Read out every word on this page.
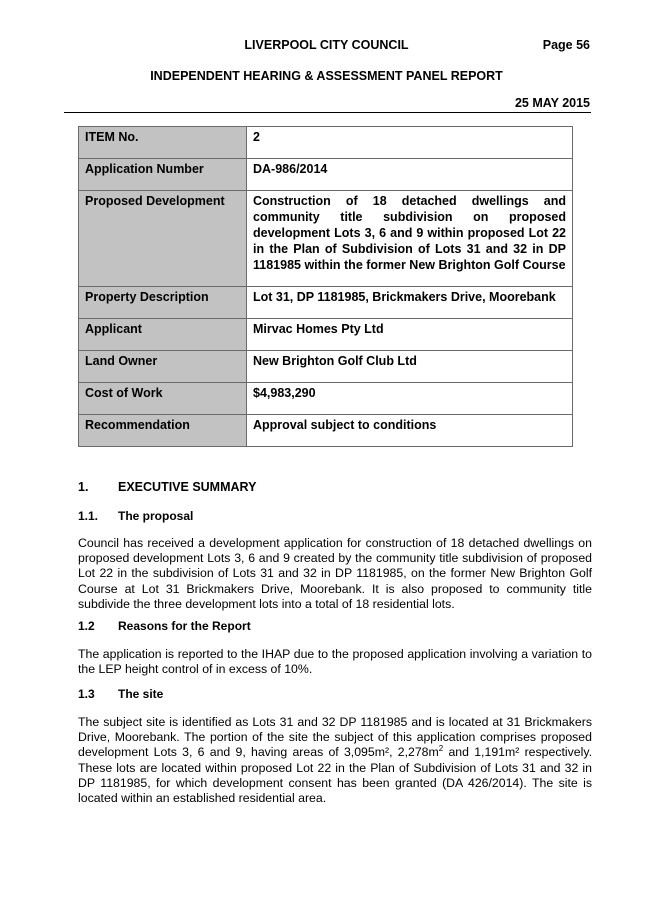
LIVERPOOL CITY COUNCIL	Page 56
INDEPENDENT HEARING & ASSESSMENT PANEL REPORT
25 MAY 2015
ITEM No.	2
Application Number	DA-986/2014
Proposed Development	Construction of 18 detached dwellings and community title subdivision on proposed development Lots 3, 6 and 9 within proposed Lot 22 in the Plan of Subdivision of Lots 31 and 32 in DP 1181985 within the former New Brighton Golf Course
Property Description	Lot 31, DP 1181985, Brickmakers Drive, Moorebank
Applicant	Mirvac Homes Pty Ltd
Land Owner	New Brighton Golf Club Ltd
Cost of Work	$4,983,290
Recommendation	Approval subject to conditions
1. EXECUTIVE SUMMARY
1.1. The proposal
Council has received a development application for construction of 18 detached dwellings on proposed development Lots 3, 6 and 9 created by the community title subdivision of proposed Lot 22 in the subdivision of Lots 31 and 32 in DP 1181985, on the former New Brighton Golf Course at Lot 31 Brickmakers Drive, Moorebank. It is also proposed to community title subdivide the three development lots into a total of 18 residential lots.
1.2 Reasons for the Report
The application is reported to the IHAP due to the proposed application involving a variation to the LEP height control of in excess of 10%.
1.3 The site
The subject site is identified as Lots 31 and 32 DP 1181985 and is located at 31 Brickmakers Drive, Moorebank. The portion of the site the subject of this application comprises proposed development Lots 3, 6 and 9, having areas of 3,095m², $2,278m^2$ and 1,191m² respectively. These lots are located within proposed Lot 22 in the Plan of Subdivision of Lots 31 and 32 in DP 1181985, for which development consent has been granted (DA 426/2014). The site is located within an established residential area.
